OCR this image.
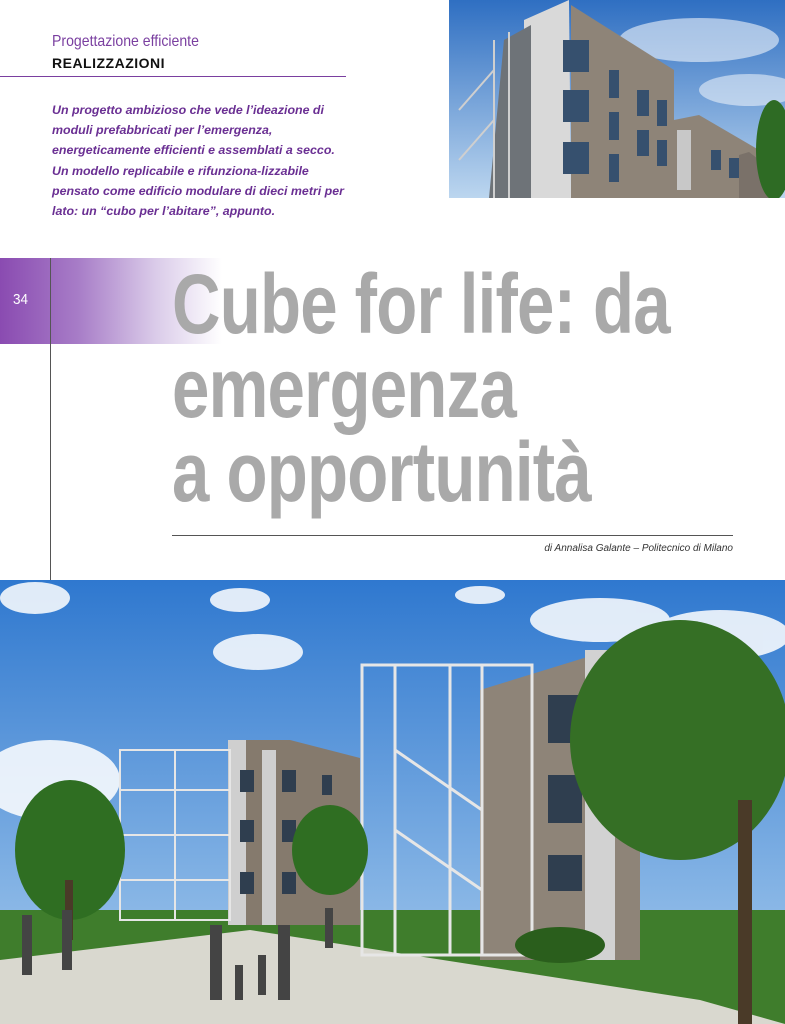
Progettazione efficiente
REALIZZAZIONI
Un progetto ambizioso che vede l’ideazione di moduli prefabbricati per l’emergenza, energeticamente efficienti e assemblati a secco. Un modello replicabile e rifunziona-lizzabile pensato come edificio modulare di dieci metri per lato: un “cubo per l’abitare”, appunto.
34 Cube for life: da
emergenza
a opportunità
di Annalisa Galante – Politecnico di Milano
